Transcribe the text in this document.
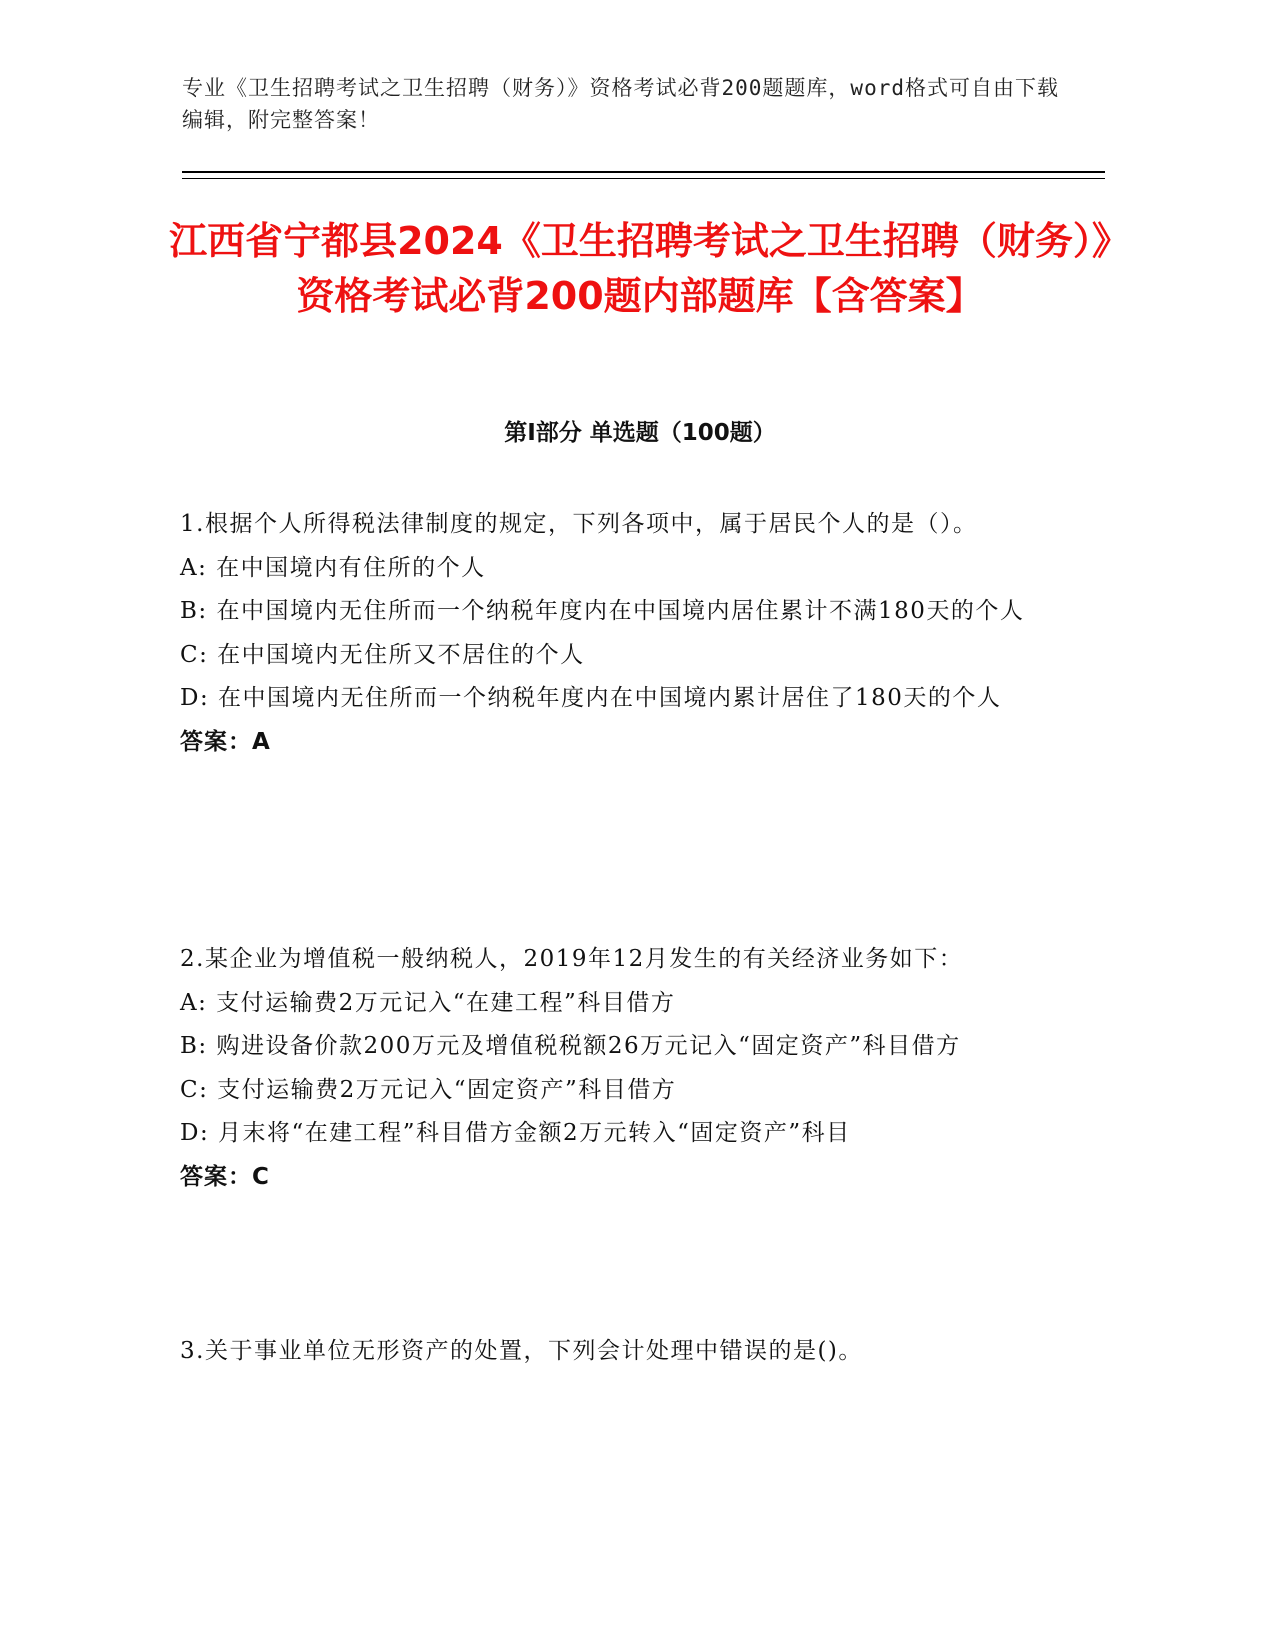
专业《卫生招聘考试之卫生招聘（财务）》资格考试必背200题题库，word格式可自由下载编辑，附完整答案！
江西省宁都县2024《卫生招聘考试之卫生招聘（财务）》资格考试必背200题内部题库【含答案】
第Ⅰ部分 单选题（100题）

1.根据个人所得税法律制度的规定，下列各项中，属于居民个人的是（）。

A: 在中国境内有住所的个人

B: 在中国境内无住所而一个纳税年度内在中国境内居住累计不满180天的个人

C: 在中国境内无住所又不居住的个人

D: 在中国境内无住所而一个纳税年度内在中国境内累计居住了180天的个人

答案：A

2.某企业为增值税一般纳税人，2019年12月发生的有关经济业务如下：

A: 支付运输费2万元记入“在建工程”科目借方

B: 购进设备价款200万元及增值税税额26万元记入“固定资产”科目借方

C: 支付运输费2万元记入“固定资产”科目借方

D: 月末将“在建工程”科目借方金额2万元转入“固定资产”科目

答案：C

3.关于事业单位无形资产的处置，下列会计处理中错误的是()。
